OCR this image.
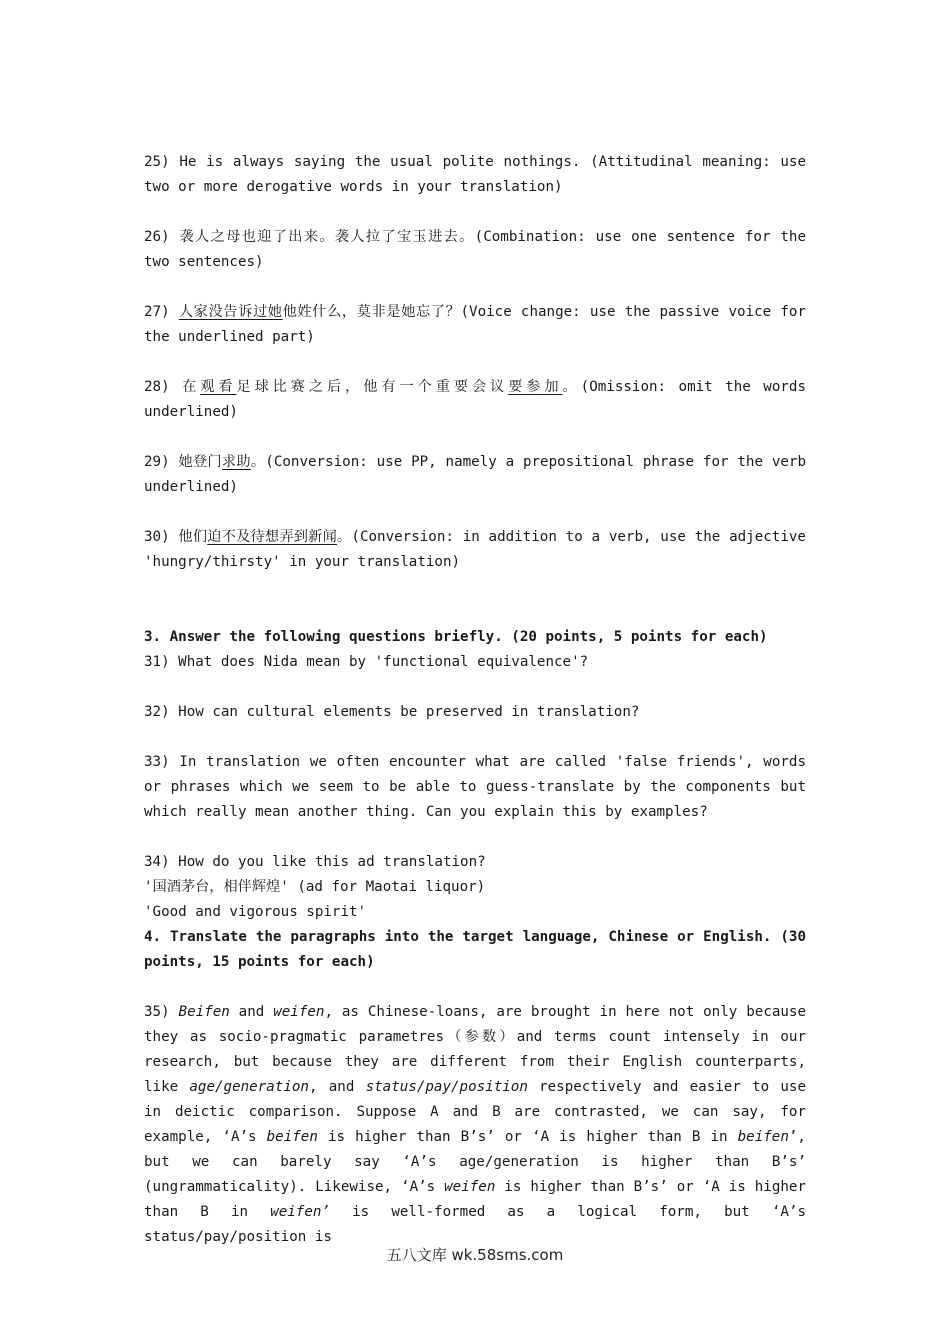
25) He is always saying the usual polite nothings. (Attitudinal meaning: use two or more derogative words in your translation)

26) 袭人之母也迎了出来。袭人拉了宝玉进去。(Combination: use one sentence for the two sentences)

27) 人家没告诉过她他姓什么，莫非是她忘了？(Voice change: use the passive voice for the underlined part)

28) 在观看足球比赛之后，他有一个重要会议要参加。(Omission: omit the words underlined)

29) 她登门求助。(Conversion: use PP, namely a prepositional phrase for the verb underlined)

30) 他们迫不及待想弄到新闻。(Conversion: in addition to a verb, use the adjective 'hungry/thirsty' in your translation)

3. Answer the following questions briefly. (20 points, 5 points for each)

31) What does Nida mean by 'functional equivalence'?

32) How can cultural elements be preserved in translation?

33) In translation we often encounter what are called 'false friends', words or phrases which we seem to be able to guess-translate by the components but which really mean another thing. Can you explain this by examples?

34) How do you like this ad translation?

'国酒茅台，相伴辉煌' (ad for Maotai liquor)

'Good and vigorous spirit'

4. Translate the paragraphs into the target language, Chinese or English. (30 points, 15 points for each)

35) Beifen and weifen, as Chinese-loans, are brought in here not only because they as socio-pragmatic parametres（参数）and terms count intensely in our research, but because they are different from their English counterparts, like age/generation, and status/pay/position respectively and easier to use in deictic comparison. Suppose A and B are contrasted, we can say, for example, ‘A’s beifen is higher than B’s’ or ‘A is higher than B in beifen’, but we can barely say ‘A’s age/generation is higher than B’s’ (ungrammaticality). Likewise, ‘A’s weifen is higher than B’s’ or ‘A is higher than B in weifen’ is well-formed as a logical form, but ‘A’s status/pay/position is

五八文库 wk.58sms.com
